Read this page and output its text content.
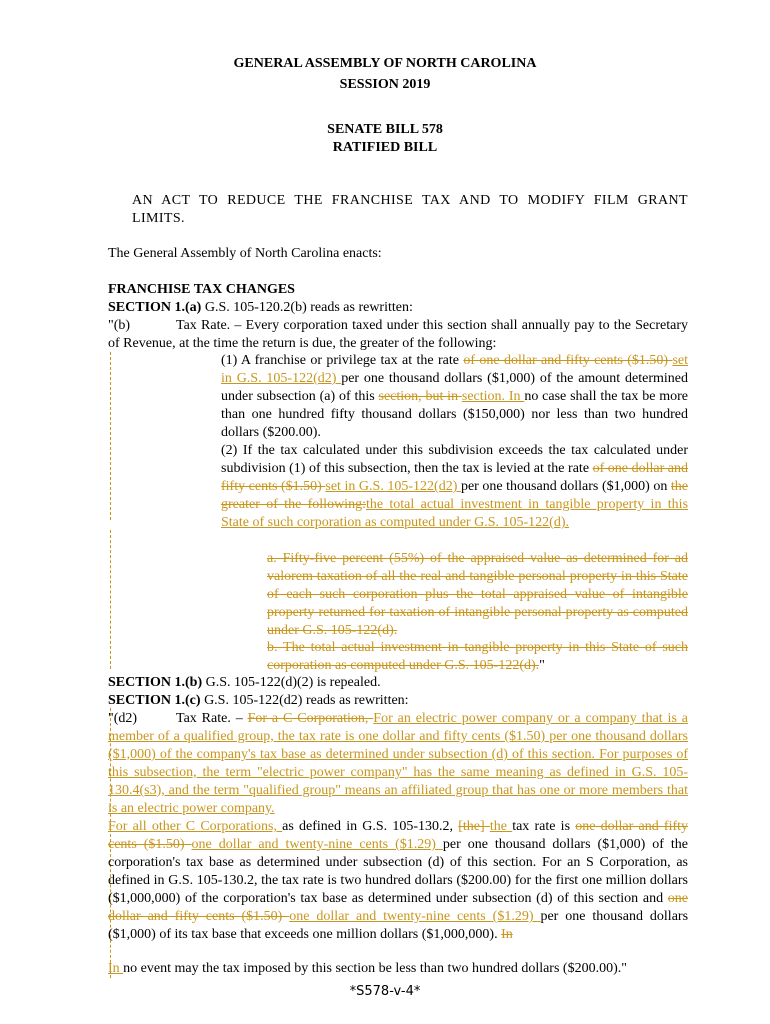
GENERAL ASSEMBLY OF NORTH CAROLINA
SESSION 2019
SENATE BILL 578
RATIFIED BILL
AN ACT TO REDUCE THE FRANCHISE TAX AND TO MODIFY FILM GRANT LIMITS.
The General Assembly of North Carolina enacts:
FRANCHISE TAX CHANGES
SECTION 1.(a) G.S. 105-120.2(b) reads as rewritten:
"(b)	Tax Rate. – Every corporation taxed under this section shall annually pay to the Secretary of Revenue, at the time the return is due, the greater of the following:
(1) A franchise or privilege tax at the rate of one dollar and fifty cents ($1.50) set in G.S. 105-122(d2) per one thousand dollars ($1,000) of the amount determined under subsection (a) of this section, but in section. In no case shall the tax be more than one hundred fifty thousand dollars ($150,000) nor less than two hundred dollars ($200.00).
(2) If the tax calculated under this subdivision exceeds the tax calculated under subdivision (1) of this subsection, then the tax is levied at the rate of one dollar and fifty cents ($1.50) set in G.S. 105-122(d2) per one thousand dollars ($1,000) on the greater of the following:the total actual investment in tangible property in this State of such corporation as computed under G.S. 105-122(d).
a. Fifty-five percent (55%) of the appraised value as determined for ad valorem taxation of all the real and tangible personal property in this State of each such corporation plus the total appraised value of intangible property returned for taxation of intangible personal property as computed under G.S. 105-122(d).
b. The total actual investment in tangible property in this State of such corporation as computed under G.S. 105-122(d)."
SECTION 1.(b) G.S. 105-122(d)(2) is repealed.
SECTION 1.(c) G.S. 105-122(d2) reads as rewritten:
"(d2)	Tax Rate. – For a C Corporation, For an electric power company or a company that is a member of a qualified group, the tax rate is one dollar and fifty cents ($1.50) per one thousand dollars ($1,000) of the company's tax base as determined under subsection (d) of this section. For purposes of this subsection, the term "electric power company" has the same meaning as defined in G.S. 105-130.4(s3), and the term "qualified group" means an affiliated group that has one or more members that is an electric power company.
For all other C Corporations, as defined in G.S. 105-130.2, [the] the tax rate is one dollar and fifty cents ($1.50) one dollar and twenty-nine cents ($1.29) per one thousand dollars ($1,000) of the corporation's tax base as determined under subsection (d) of this section. For an S Corporation, as defined in G.S. 105-130.2, the tax rate is two hundred dollars ($200.00) for the first one million dollars ($1,000,000) of the corporation's tax base as determined under subsection (d) of this section and one dollar and fifty cents ($1.50) one dollar and twenty-nine cents ($1.29) per one thousand dollars ($1,000) of its tax base that exceeds one million dollars ($1,000,000). In
In no event may the tax imposed by this section be less than two hundred dollars ($200.00)."
*S578-v-4*
